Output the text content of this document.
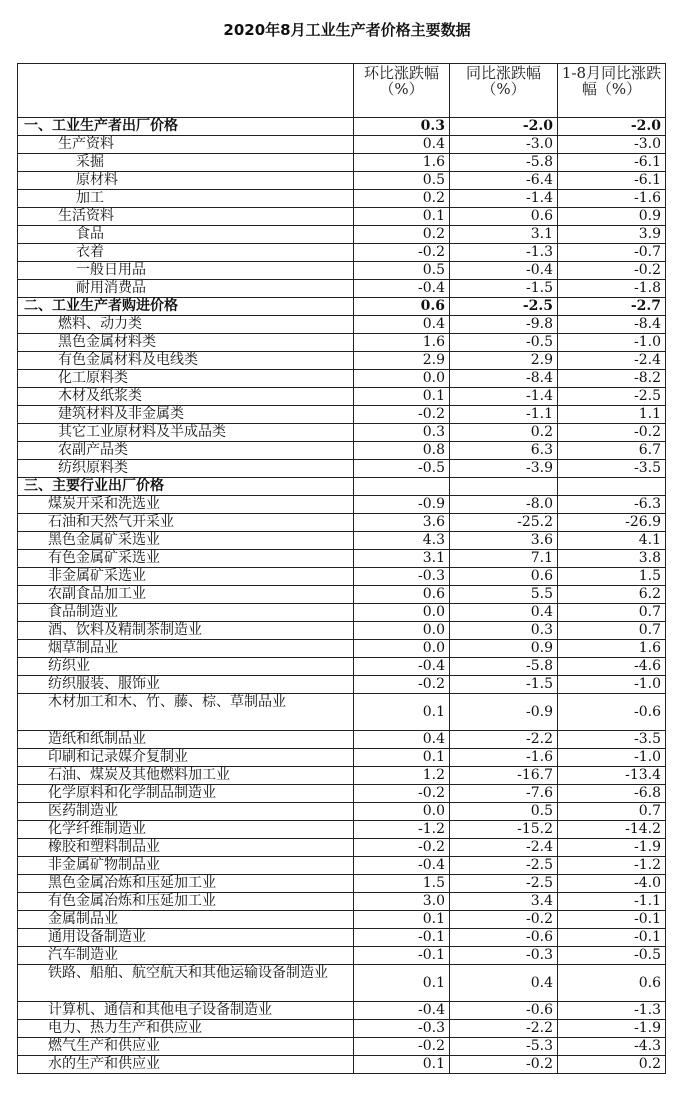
2020年8月工业生产者价格主要数据
	环比涨跌幅（%）	同比涨跌幅（%）	1-8月同比涨跌幅（%）
一、工业生产者出厂价格	0.3	-2.0	-2.0
生产资料	0.4	-3.0	-3.0
采掘	1.6	-5.8	-6.1
原材料	0.5	-6.4	-6.1
加工	0.2	-1.4	-1.6
生活资料	0.1	0.6	0.9
食品	0.2	3.1	3.9
衣着	-0.2	-1.3	-0.7
一般日用品	0.5	-0.4	-0.2
耐用消费品	-0.4	-1.5	-1.8
二、工业生产者购进价格	0.6	-2.5	-2.7
燃料、动力类	0.4	-9.8	-8.4
黑色金属材料类	1.6	-0.5	-1.0
有色金属材料及电线类	2.9	2.9	-2.4
化工原料类	0.0	-8.4	-8.2
木材及纸浆类	0.1	-1.4	-2.5
建筑材料及非金属类	-0.2	-1.1	1.1
其它工业原材料及半成品类	0.3	0.2	-0.2
农副产品类	0.8	6.3	6.7
纺织原料类	-0.5	-3.9	-3.5
三、主要行业出厂价格			
煤炭开采和洗选业	-0.9	-8.0	-6.3
石油和天然气开采业	3.6	-25.2	-26.9
黑色金属矿采选业	4.3	3.6	4.1
有色金属矿采选业	3.1	7.1	3.8
非金属矿采选业	-0.3	0.6	1.5
农副食品加工业	0.6	5.5	6.2
食品制造业	0.0	0.4	0.7
酒、饮料及精制茶制造业	0.0	0.3	0.7
烟草制品业	0.0	0.9	1.6
纺织业	-0.4	-5.8	-4.6
纺织服装、服饰业	-0.2	-1.5	-1.0
木材加工和木、竹、藤、棕、草制品业	0.1	-0.9	-0.6
造纸和纸制品业	0.4	-2.2	-3.5
印刷和记录媒介复制业	0.1	-1.6	-1.0
石油、煤炭及其他燃料加工业	1.2	-16.7	-13.4
化学原料和化学制品制造业	-0.2	-7.6	-6.8
医药制造业	0.0	0.5	0.7
化学纤维制造业	-1.2	-15.2	-14.2
橡胶和塑料制品业	-0.2	-2.4	-1.9
非金属矿物制品业	-0.4	-2.5	-1.2
黑色金属冶炼和压延加工业	1.5	-2.5	-4.0
有色金属冶炼和压延加工业	3.0	3.4	-1.1
金属制品业	0.1	-0.2	-0.1
通用设备制造业	-0.1	-0.6	-0.1
汽车制造业	-0.1	-0.3	-0.5
铁路、船舶、航空航天和其他运输设备制造业	0.1	0.4	0.6
计算机、通信和其他电子设备制造业	-0.4	-0.6	-1.3
电力、热力生产和供应业	-0.3	-2.2	-1.9
燃气生产和供应业	-0.2	-5.3	-4.3
水的生产和供应业	0.1	-0.2	0.2
